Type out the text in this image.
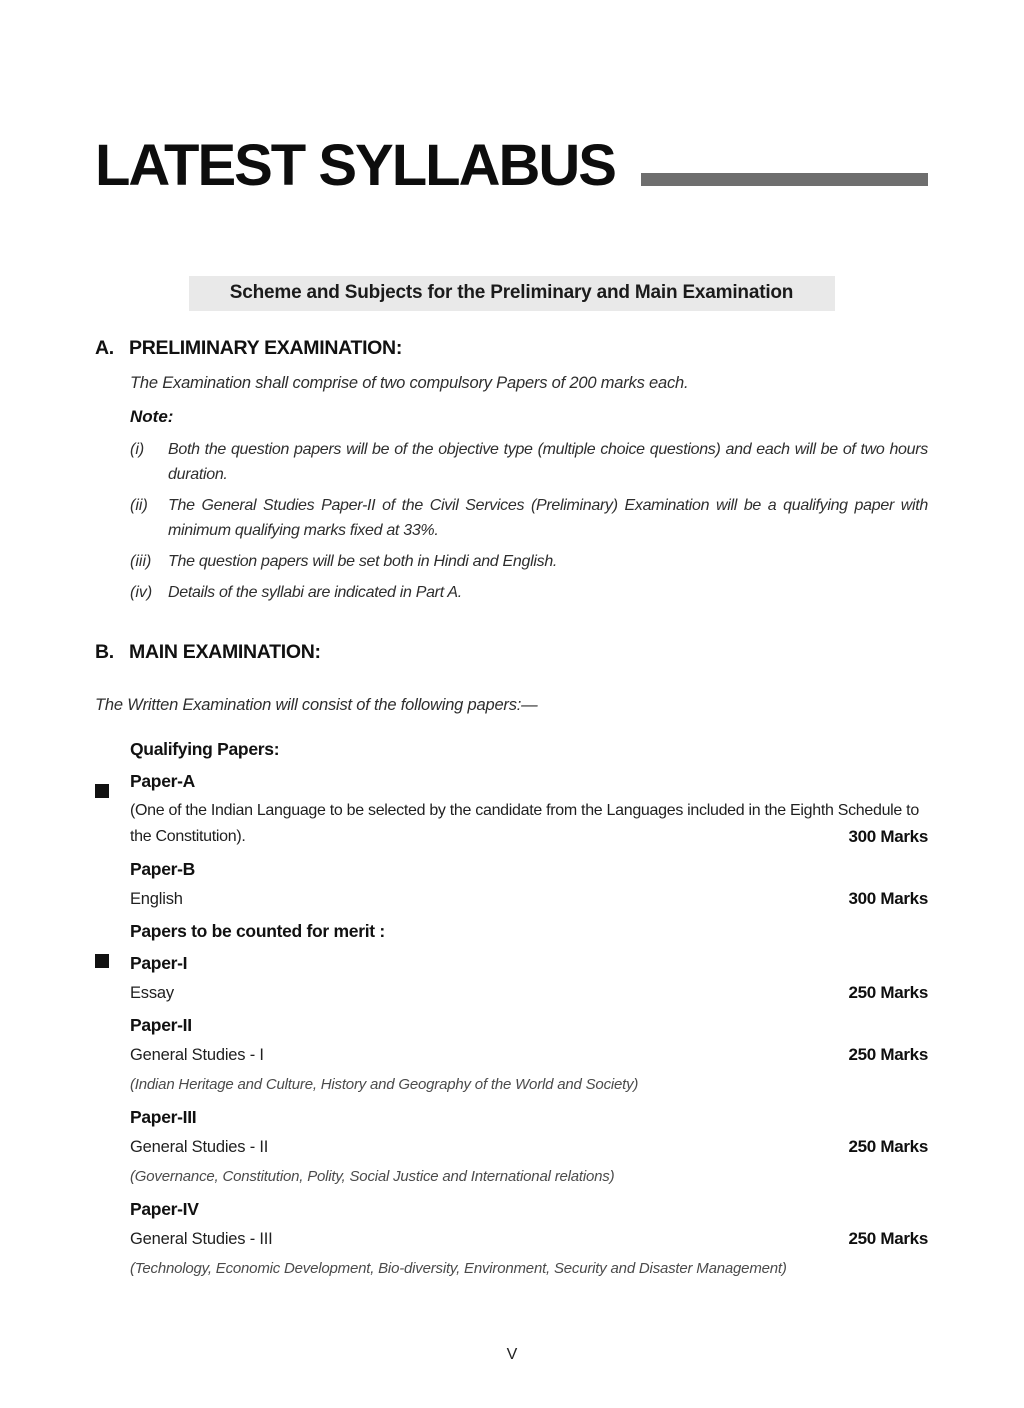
LATEST SYLLABUS
Scheme and Subjects for the Preliminary and Main Examination
A. PRELIMINARY EXAMINATION:
The Examination shall comprise of two compulsory Papers of 200 marks each.
Note:
(i)	Both the question papers will be of the objective type (multiple choice questions) and each will be of two hours duration.
(ii)	The General Studies Paper-II of the Civil Services (Preliminary) Examination will be a qualifying paper with minimum qualifying marks fixed at 33%.
(iii)	The question papers will be set both in Hindi and English.
(iv) Details of the syllabi are indicated in Part A.
B. MAIN EXAMINATION:
The Written Examination will consist of the following papers:—
Qualifying Papers:
Paper-A
(One of the Indian Language to be selected by the candidate from the Languages included in the Eighth Schedule to the Constitution).	300 Marks
Paper-B
English	300 Marks
Papers to be counted for merit :
Paper-I
Essay	250 Marks
Paper-II
General Studies - I	250 Marks
(Indian Heritage and Culture, History and Geography of the World and Society)
Paper-III
General Studies - II	250 Marks
(Governance, Constitution, Polity, Social Justice and International relations)
Paper-IV
General Studies - III	250 Marks
(Technology, Economic Development, Bio-diversity, Environment, Security and Disaster Management)
V
